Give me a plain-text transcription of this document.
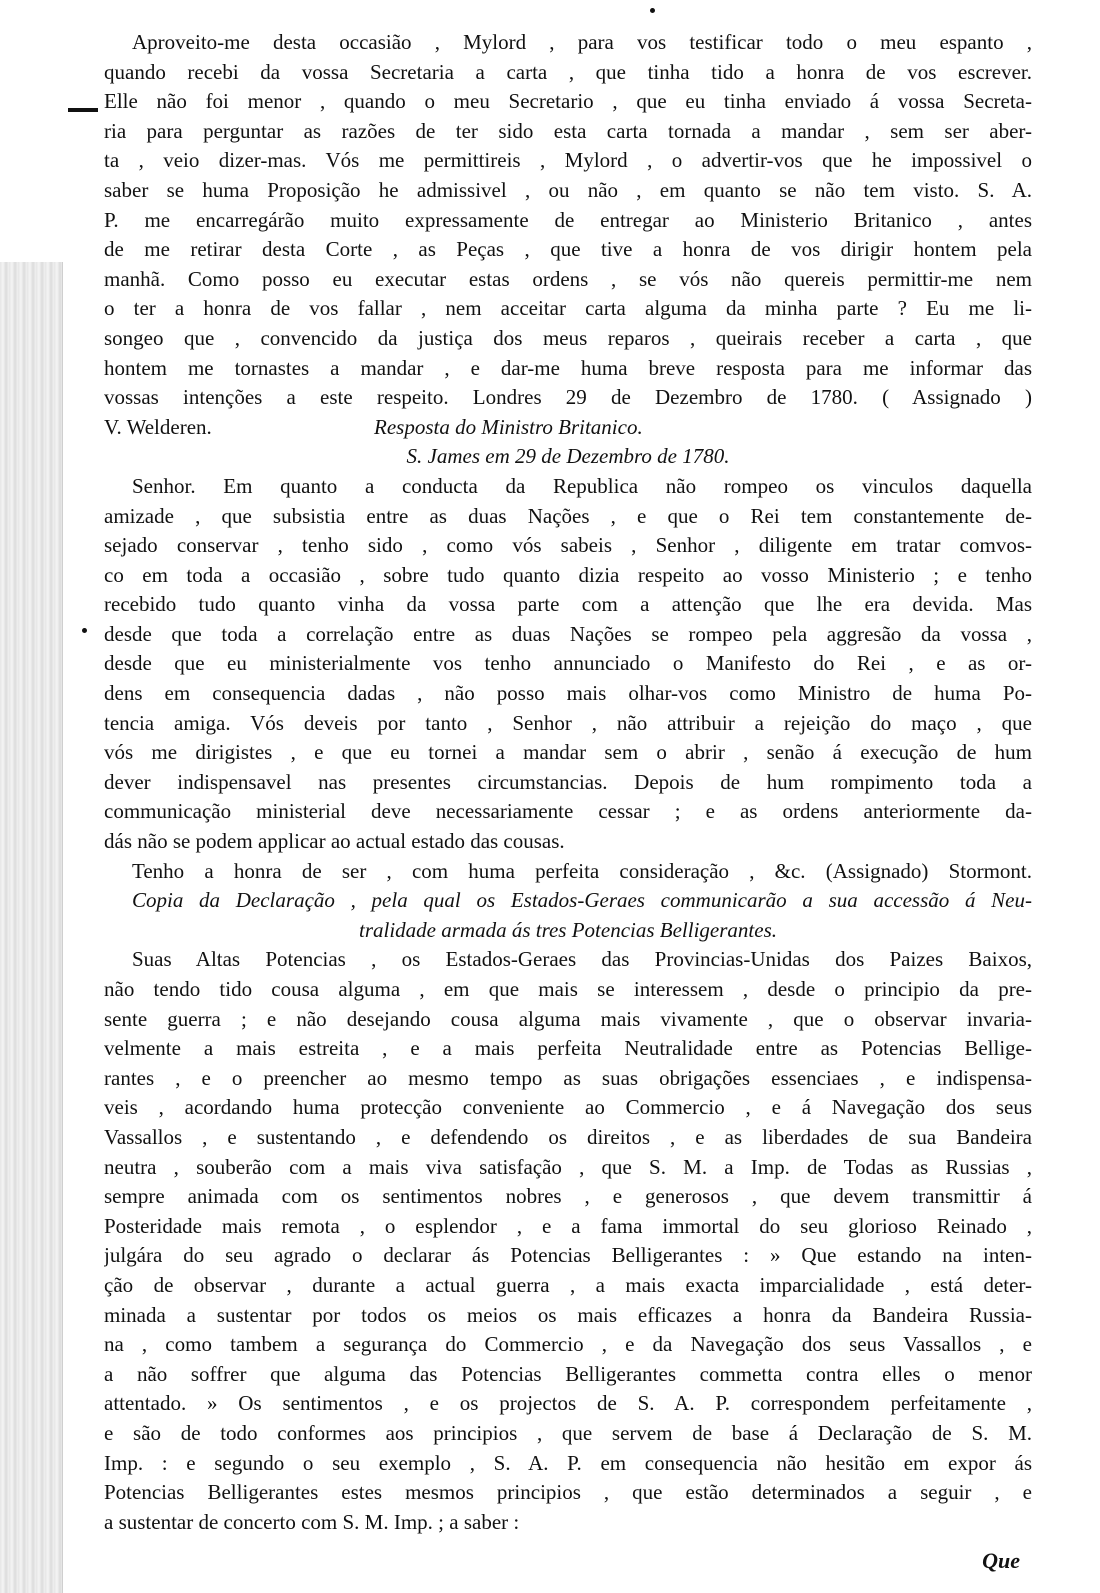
Aproveito-me desta occasião , Mylord , para vos testificar todo o meu espanto ,
quando recebi da vossa Secretaria a carta , que tinha tido a honra de vos escrever.
Elle não foi menor , quando o meu Secretario , que eu tinha enviado á vossa Secreta-
ria para perguntar as razões de ter sido esta carta tornada a mandar , sem ser aber-
ta , veio dizer-mas. Vós me permittireis , Mylord , o advertir-vos que he impossivel o
saber se huma Proposição he admissivel , ou não , em quanto se não tem visto. S. A.
P. me encarregárão muito expressamente de entregar ao Ministerio Britanico , antes
de me retirar desta Corte , as Peças , que tive a honra de vos dirigir hontem pela
manhã. Como posso eu executar estas ordens , se vós não quereis permittir-me nem
o ter a honra de vos fallar , nem acceitar carta alguma da minha parte ? Eu me li-
songeo que , convencido da justiça dos meus reparos , queirais receber a carta , que
hontem me tornastes a mandar , e dar-me huma breve resposta para me informar das
vossas intenções a este respeito. Londres 29 de Dezembro de 1780. ( Assignado )
V. Welderen.	Resposta do Ministro Britanico.
S. James em 29 de Dezembro de 1780.
Senhor. Em quanto a conducta da Republica não rompeo os vinculos daquella
amizade , que subsistia entre as duas Nações , e que o Rei tem constantemente de-
sejado conservar , tenho sido , como vós sabeis , Senhor , diligente em tratar comvos-
co em toda a occasião , sobre tudo quanto dizia respeito ao vosso Ministerio ; e tenho
recebido tudo quanto vinha da vossa parte com a attenção que lhe era devida. Mas
desde que toda a correlação entre as duas Nações se rompeo pela aggresão da vossa ,
desde que eu ministerialmente vos tenho annunciado o Manifesto do Rei , e as or-
dens em consequencia dadas , não posso mais olhar-vos como Ministro de huma Po-
tencia amiga. Vós deveis por tanto , Senhor , não attribuir a rejeição do maço , que
vós me dirigistes , e que eu tornei a mandar sem o abrir , senão á execução de hum
dever indispensavel nas presentes circumstancias. Depois de hum rompimento toda a
communicação ministerial deve necessariamente cessar ; e as ordens anteriormente da-
dás não se podem applicar ao actual estado das cousas.
Tenho a honra de ser , com huma perfeita consideração , &c. (Assignado) Stormont.
Copia da Declaração , pela qual os Estados-Geraes communicarão a sua accessão á Neu-
tralidade armada ás tres Potencias Belligerantes.
Suas Altas Potencias , os Estados-Geraes das Provincias-Unidas dos Paizes Baixos,
não tendo tido cousa alguma , em que mais se interessem , desde o principio da pre-
sente guerra ; e não desejando cousa alguma mais vivamente , que o observar invaria-
velmente a mais estreita , e a mais perfeita Neutralidade entre as Potencias Bellige-
rantes , e o preencher ao mesmo tempo as suas obrigações essenciaes , e indispensa-
veis , acordando huma protecção conveniente ao Commercio , e á Navegação dos seus
Vassallos , e sustentando , e defendendo os direitos , e as liberdades de sua Bandeira
neutra , souberão com a mais viva satisfação , que S. M. a Imp. de Todas as Russias ,
sempre animada com os sentimentos nobres , e generosos , que devem transmittir á
Posteridade mais remota , o esplendor , e a fama immortal do seu glorioso Reinado ,
julgára do seu agrado o declarar ás Potencias Belligerantes : » Que estando na inten-
ção de observar , durante a actual guerra , a mais exacta imparcialidade , está deter-
minada a sustentar por todos os meios os mais efficazes a honra da Bandeira Russia-
na , como tambem a segurança do Commercio , e da Navegação dos seus Vassallos , e
a não soffrer que alguma das Potencias Belligerantes commetta contra elles o menor
attentado. » Os sentimentos , e os projectos de S. A. P. correspondem perfeitamente ,
e são de todo conformes aos principios , que servem de base á Declaração de S. M.
Imp. : e segundo o seu exemplo , S. A. P. em consequencia não hesitão em expor ás
Potencias Belligerantes estes mesmos principios , que estão determinados a seguir , e
a sustentar de concerto com S. M. Imp. ; a saber :
Que
